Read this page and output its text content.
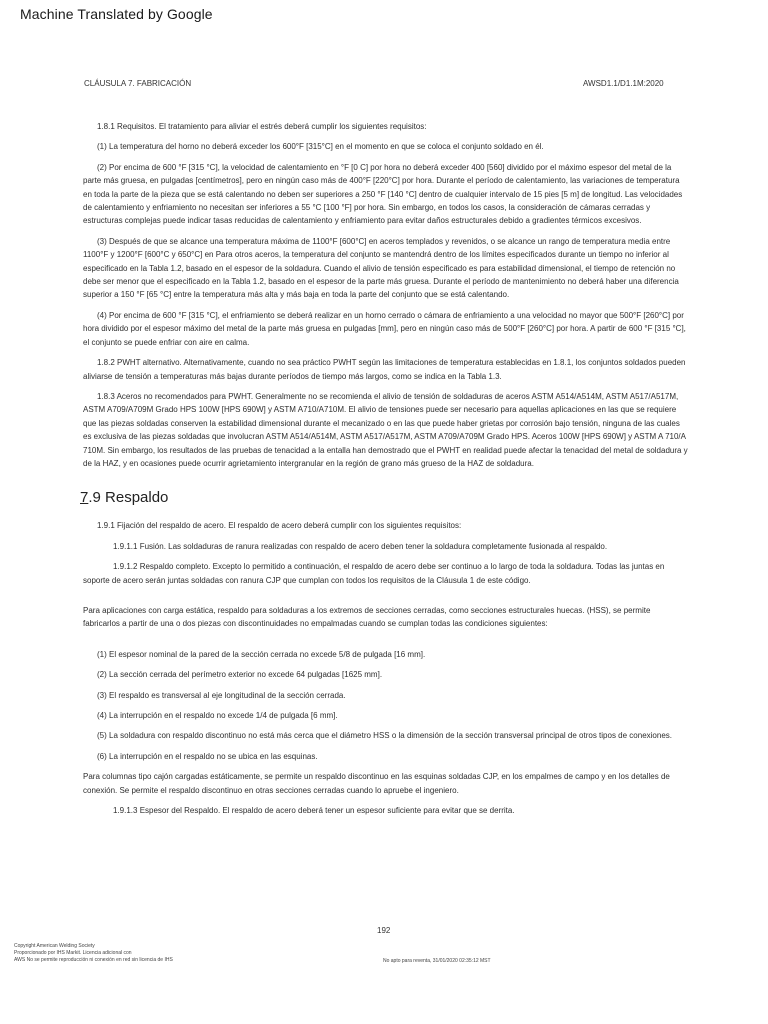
Machine Translated by Google
CLÁUSULA 7. FABRICACIÓN	AWSD1.1/D1.1M:2020

1.8.1 Requisitos. El tratamiento para aliviar el estrés deberá cumplir los siguientes requisitos:

(1) La temperatura del horno no deberá exceder los 600°F [315°C] en el momento en que se coloca el conjunto soldado en él.

(2) Por encima de 600 °F [315 °C], la velocidad de calentamiento en °F [0 C] por hora no deberá exceder 400 [560] dividido por el máximo espesor del metal de la parte más gruesa, en pulgadas [centímetros], pero en ningún caso más de 400°F [220°C] por hora. Durante el período de calentamiento, las variaciones de temperatura en toda la parte de la pieza que se está calentando no deben ser superiores a 250 °F [140 °C] dentro de cualquier intervalo de 15 pies [5 m] de longitud. Las velocidades de calentamiento y enfriamiento no necesitan ser inferiores a 55 °C [100 °F] por hora. Sin embargo, en todos los casos, la consideración de cámaras cerradas y estructuras complejas puede indicar tasas reducidas de calentamiento y enfriamiento para evitar daños estructurales debido a gradientes térmicos excesivos.

(3) Después de que se alcance una temperatura máxima de 1100°F [600°C] en aceros templados y revenidos, o se alcance un rango de temperatura media entre 1100°F y 1200°F [600°C y 650°C] en Para otros aceros, la temperatura del conjunto se mantendrá dentro de los límites especificados durante un tiempo no inferior al especificado en la Tabla 1.2, basado en el espesor de la soldadura. Cuando el alivio de tensión especificado es para estabilidad dimensional, el tiempo de retención no debe ser menor que el especificado en la Tabla 1.2, basado en el espesor de la parte más gruesa. Durante el período de mantenimiento no deberá haber una diferencia superior a 150 °F [65 °C] entre la temperatura más alta y más baja en toda la parte del conjunto que se está calentando.

(4) Por encima de 600 °F [315 °C], el enfriamiento se deberá realizar en un horno cerrado o cámara de enfriamiento a una velocidad no mayor que 500°F [260°C] por hora dividido por el espesor máximo del metal de la parte más gruesa en pulgadas [mm], pero en ningún caso más de 500°F [260°C] por hora. A partir de 600 °F [315 °C], el conjunto se puede enfriar con aire en calma.

1.8.2 PWHT alternativo. Alternativamente, cuando no sea práctico PWHT según las limitaciones de temperatura establecidas en 1.8.1, los conjuntos soldados pueden aliviarse de tensión a temperaturas más bajas durante períodos de tiempo más largos, como se indica en la Tabla 1.3.

1.8.3 Aceros no recomendados para PWHT. Generalmente no se recomienda el alivio de tensión de soldaduras de aceros ASTM A514/A514M, ASTM A517/A517M, ASTM A709/A709M Grado HPS 100W [HPS 690W] y ASTM A710/A710M. El alivio de tensiones puede ser necesario para aquellas aplicaciones en las que se requiere que las piezas soldadas conserven la estabilidad dimensional durante el mecanizado o en las que puede haber grietas por corrosión bajo tensión, ninguna de las cuales es exclusiva de las piezas soldadas que involucran ASTM A514/A514M, ASTM A517/A517M, ASTM A709/A709M Grado HPS. Aceros 100W [HPS 690W] y ASTM A 710/A 710M. Sin embargo, los resultados de las pruebas de tenacidad a la entalla han demostrado que el PWHT en realidad puede afectar la tenacidad del metal de soldadura y de la HAZ, y en ocasiones puede ocurrir agrietamiento intergranular en la región de grano más grueso de la HAZ de soldadura.

7.9 Respaldo

1.9.1 Fijación del respaldo de acero. El respaldo de acero deberá cumplir con los siguientes requisitos:

1.9.1.1 Fusión. Las soldaduras de ranura realizadas con respaldo de acero deben tener la soldadura completamente fusionada al respaldo.

1.9.1.2 Respaldo completo. Excepto lo permitido a continuación, el respaldo de acero debe ser continuo a lo largo de toda la soldadura. Todas las juntas en soporte de acero serán juntas soldadas con ranura CJP que cumplan con todos los requisitos de la Cláusula 1 de este código.

Para aplicaciones con carga estática, respaldo para soldaduras a los extremos de secciones cerradas, como secciones estructurales huecas. (HSS), se permite fabricarlos a partir de una o dos piezas con discontinuidades no empalmadas cuando se cumplan todas las condiciones siguientes:

(1) El espesor nominal de la pared de la sección cerrada no excede 5/8 de pulgada [16 mm].

(2) La sección cerrada del perímetro exterior no excede 64 pulgadas [1625 mm].

(3) El respaldo es transversal al eje longitudinal de la sección cerrada.

(4) La interrupción en el respaldo no excede 1/4 de pulgada [6 mm].

(5) La soldadura con respaldo discontinuo no está más cerca que el diámetro HSS o la dimensión de la sección transversal principal de otros tipos de conexiones.

(6) La interrupción en el respaldo no se ubica en las esquinas.

Para columnas tipo cajón cargadas estáticamente, se permite un respaldo discontinuo en las esquinas soldadas CJP, en los empalmes de campo y en los detalles de conexión. Se permite el respaldo discontinuo en otras secciones cerradas cuando lo apruebe el ingeniero.

1.9.1.3 Espesor del Respaldo. El respaldo de acero deberá tener un espesor suficiente para evitar que se derrita.

192
Copyright American Welding Society
Proporcionado por IHS Markit. Licencia adicional con
AWS No se permite reproducción ni conexión en red sin licencia de IHS	No apto para reventa, 31/01/2020 02:35:12 MST
